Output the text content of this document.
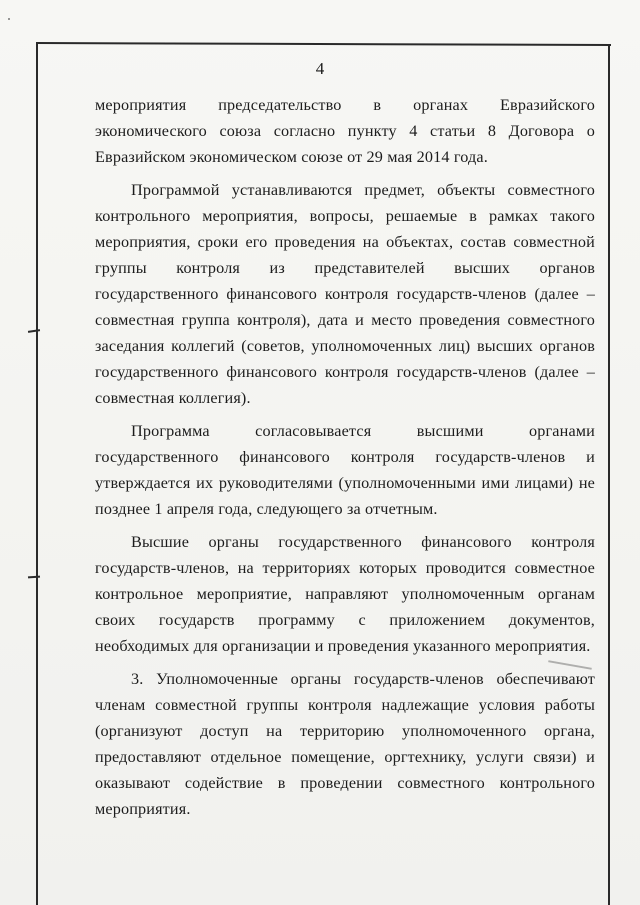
4

мероприятия председательство в органах Евразийского экономического союза согласно пункту 4 статьи 8 Договора о Евразийском экономическом союзе от 29 мая 2014 года.

Программой устанавливаются предмет, объекты совместного контрольного мероприятия, вопросы, решаемые в рамках такого мероприятия, сроки его проведения на объектах, состав совместной группы контроля из представителей высших органов государственного финансового контроля государств-членов (далее – совместная группа контроля), дата и место проведения совместного заседания коллегий (советов, уполномоченных лиц) высших органов государственного финансового контроля государств-членов (далее – совместная коллегия).

Программа согласовывается высшими органами государственного финансового контроля государств-членов и утверждается их руководителями (уполномоченными ими лицами) не позднее 1 апреля года, следующего за отчетным.

Высшие органы государственного финансового контроля государств-членов, на территориях которых проводится совместное контрольное мероприятие, направляют уполномоченным органам своих государств программу с приложением документов, необходимых для организации и проведения указанного мероприятия.

3. Уполномоченные органы государств-членов обеспечивают членам совместной группы контроля надлежащие условия работы (организуют доступ на территорию уполномоченного органа, предоставляют отдельное помещение, оргтехнику, услуги связи) и оказывают содействие в проведении совместного контрольного мероприятия.
